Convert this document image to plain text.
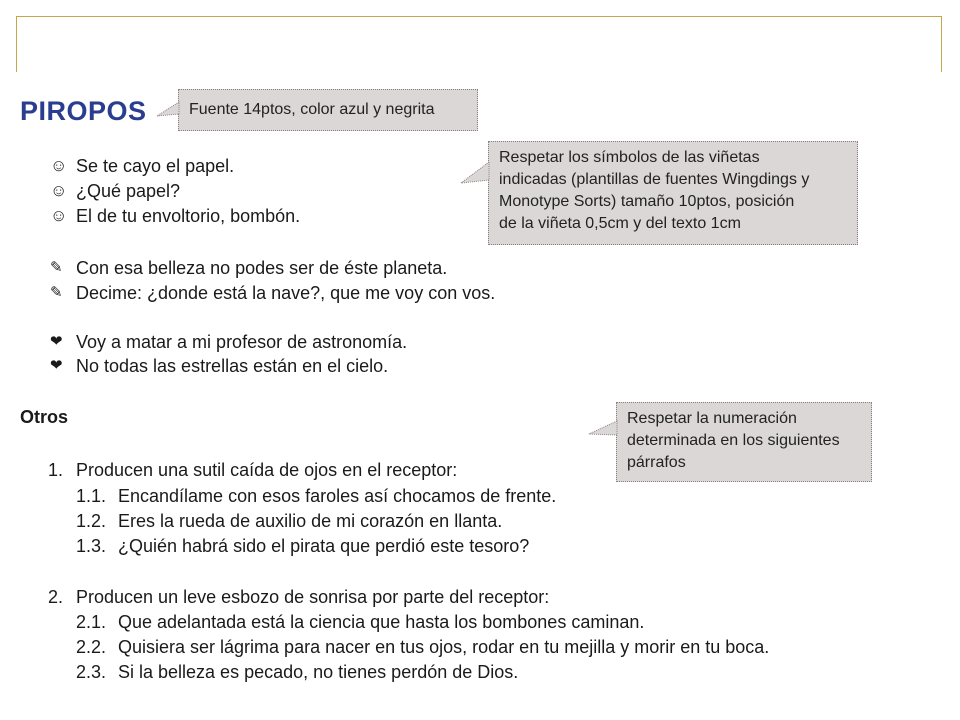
PIROPOS	Fuente 14ptos, color azul y negrita
Respetar los símbolos de las viñetas
indicadas (plantillas de fuentes Wingdings y
Monotype Sorts) tamaño 10ptos, posición
de la viñeta 0,5cm y del texto 1cm
Respetar la numeración
determinada en los siguientes
párrafos
☺ Se te cayo el papel.
☺ ¿Qué papel?
☺ El de tu envoltorio, bombón.
✎ Con esa belleza no podes ser de éste planeta.
✎ Decime: ¿donde está la nave?, que me voy con vos.
❤ Voy a matar a mi profesor de astronomía.
❤ No todas las estrellas están en el cielo.
Otros
1. Producen una sutil caída de ojos en el receptor:
1.1. Encandílame con esos faroles así chocamos de frente.
1.2. Eres la rueda de auxilio de mi corazón en llanta.
1.3. ¿Quién habrá sido el pirata que perdió este tesoro?
2. Producen un leve esbozo de sonrisa por parte del receptor:
2.1. Que adelantada está la ciencia que hasta los bombones caminan.
2.2. Quisiera ser lágrima para nacer en tus ojos, rodar en tu mejilla y morir en tu boca.
2.3. Si la belleza es pecado, no tienes perdón de Dios.
